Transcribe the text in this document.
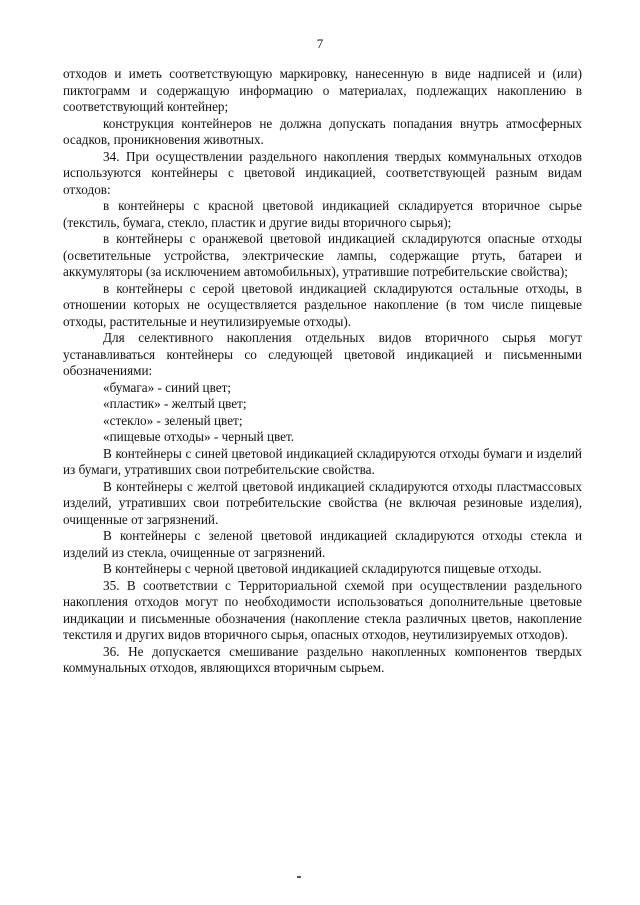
7

отходов и иметь соответствующую маркировку, нанесенную в виде надписей и (или) пиктограмм и содержащую информацию о материалах, подлежащих накоплению в соответствующий контейнер;

конструкция контейнеров не должна допускать попадания внутрь атмосферных осадков, проникновения животных.

34. При осуществлении раздельного накопления твердых коммунальных отходов используются контейнеры с цветовой индикацией, соответствующей разным видам отходов:

в контейнеры с красной цветовой индикацией складируется вторичное сырье (текстиль, бумага, стекло, пластик и другие виды вторичного сырья);

в контейнеры с оранжевой цветовой индикацией складируются опасные отходы (осветительные устройства, электрические лампы, содержащие ртуть, батареи и аккумуляторы (за исключением автомобильных), утратившие потребительские свойства);

в контейнеры с серой цветовой индикацией складируются остальные отходы, в отношении которых не осуществляется раздельное накопление (в том числе пищевые отходы, растительные и неутилизируемые отходы).

Для селективного накопления отдельных видов вторичного сырья могут устанавливаться контейнеры со следующей цветовой индикацией и письменными обозначениями:

«бумага» - синий цвет;

«пластик» - желтый цвет;

«стекло» - зеленый цвет;

«пищевые отходы» - черный цвет.

В контейнеры с синей цветовой индикацией складируются отходы бумаги и изделий из бумаги, утративших свои потребительские свойства.

В контейнеры с желтой цветовой индикацией складируются отходы пластмассовых изделий, утративших свои потребительские свойства (не включая резиновые изделия), очищенные от загрязнений.

В контейнеры с зеленой цветовой индикацией складируются отходы стекла и изделий из стекла, очищенные от загрязнений.

В контейнеры с черной цветовой индикацией складируются пищевые отходы.

35. В соответствии с Территориальной схемой при осуществлении раздельного накопления отходов могут по необходимости использоваться дополнительные цветовые индикации и письменные обозначения (накопление стекла различных цветов, накопление текстиля и других видов вторичного сырья, опасных отходов, неутилизируемых отходов).

36. Не допускается смешивание раздельно накопленных компонентов твердых коммунальных отходов, являющихся вторичным сырьем.
